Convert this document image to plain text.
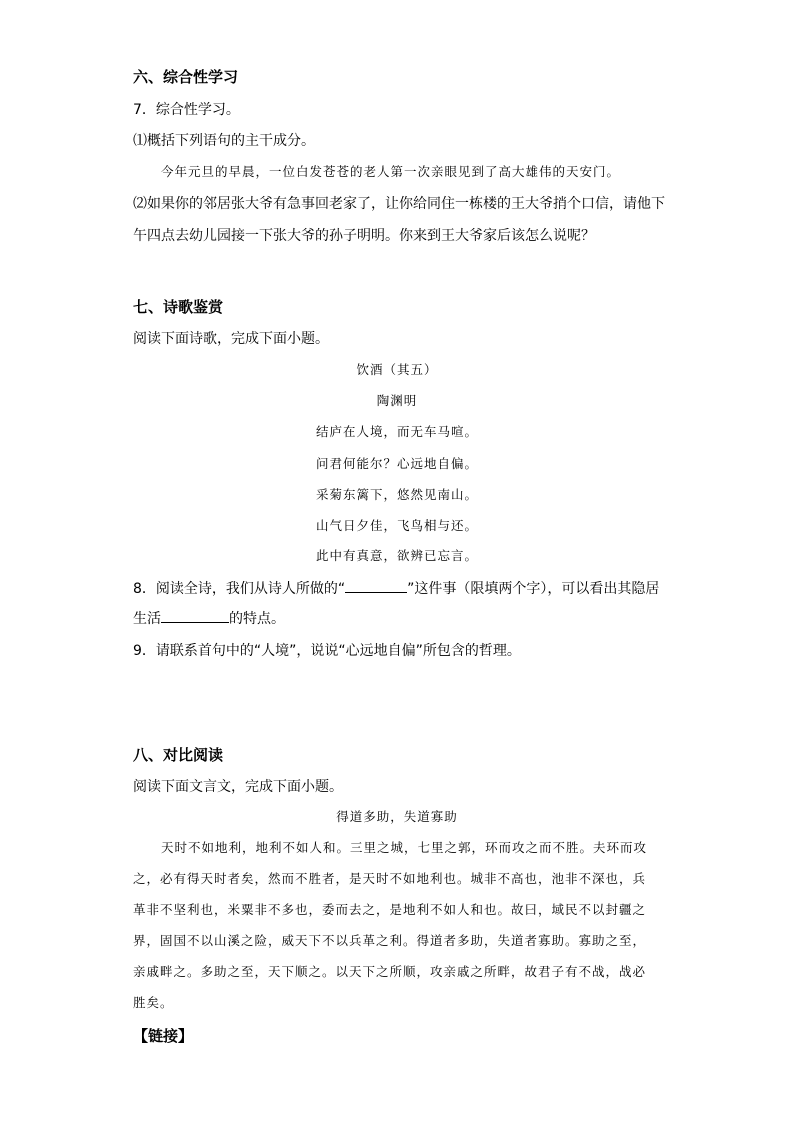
六、综合性学习
7．综合性学习。
⑴概括下列语句的主干成分。
今年元旦的早晨，一位白发苍苍的老人第一次亲眼见到了高大雄伟的天安门。
⑵如果你的邻居张大爷有急事回老家了，让你给同住一栋楼的王大爷捎个口信，请他下
午四点去幼儿园接一下张大爷的孙子明明。你来到王大爷家后该怎么说呢？
七、诗歌鉴赏
阅读下面诗歌，完成下面小题。
饮酒（其五）
陶渊明
结庐在人境，而无车马喧。
问君何能尔？心远地自偏。
采菊东篱下，悠然见南山。
山气日夕佳，飞鸟相与还。
此中有真意，欲辨已忘言。
8．阅读全诗，我们从诗人所做的“	”这件事（限填两个字），可以看出其隐居
生活	的特点。
9．请联系首句中的“人境”，说说“心远地自偏”所包含的哲理。
八、对比阅读
阅读下面文言文，完成下面小题。
得道多助，失道寡助
天时不如地利，地利不如人和。三里之城，七里之郭，环而攻之而不胜。夫环而攻
之，必有得天时者矣，然而不胜者，是天时不如地利也。城非不高也，池非不深也，兵
革非不坚利也，米粟非不多也，委而去之，是地利不如人和也。故曰，域民不以封疆之
界，固国不以山溪之险，威天下不以兵革之利。得道者多助，失道者寡助。寡助之至，
亲戚畔之。多助之至，天下顺之。以天下之所顺，攻亲戚之所畔，故君子有不战，战必
胜矣。
【链接】
